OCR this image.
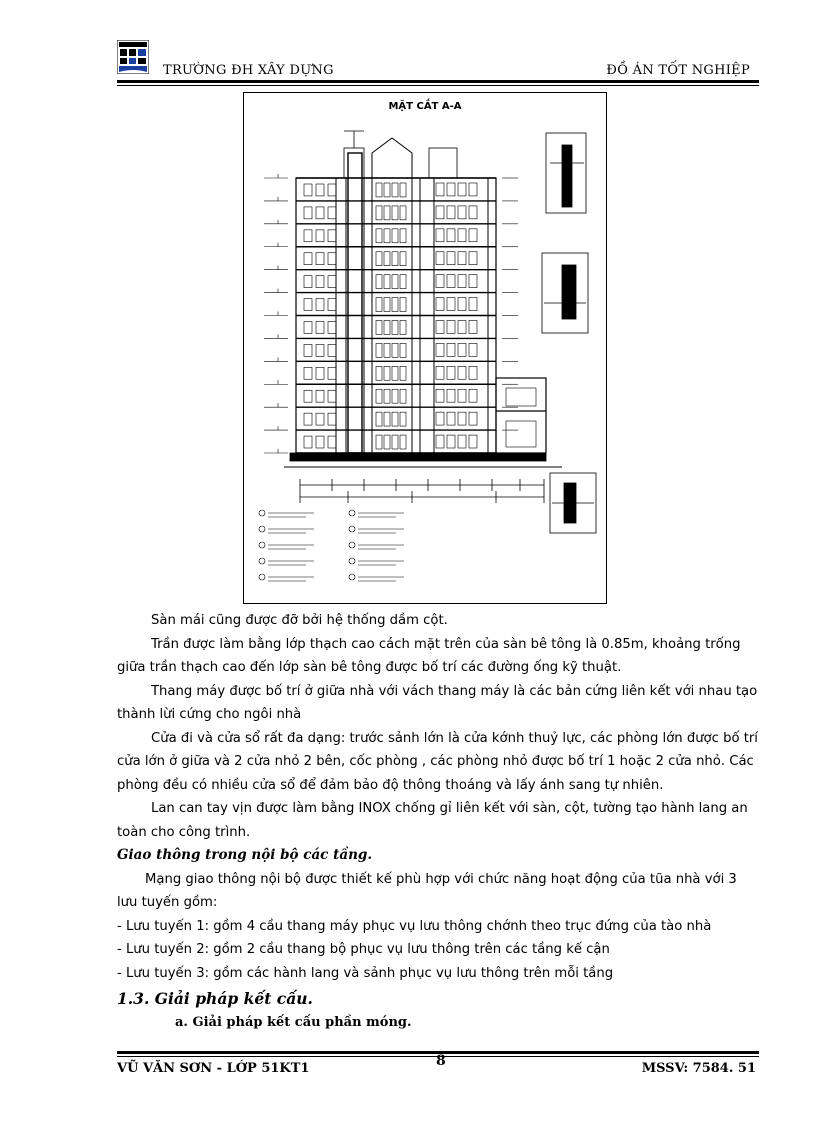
TRƯỜNG ĐH XÂY DỰNG	ĐỒ ÁN TỐT NGHIỆP
MẶT CẮT A-A

Sàn mái cũng được đỡ bởi hệ thống dầm cột.

Trần được làm bằng lớp thạch cao cách mặt trên của sàn bê tông là 0.85m, khoảng trống giữa trần thạch cao đến lớp sàn bê tông được bố trí các đường ống kỹ thuật.

Thang máy được bố trí ở giữa nhà với vách thang máy là các bản cứng liên kết với nhau tạo thành lừi cứng cho ngôi nhà

Cửa đi và cửa sổ rất đa dạng: trước sảnh lớn là cửa kớnh thuỷ lực, các phòng lớn được bố trí cửa lớn ở giữa và 2 cửa nhỏ 2 bên, cốc phòng , các phòng nhỏ được bố trí 1 hoặc 2 cửa nhỏ. Các phòng đều có nhiều cửa sổ để đảm bảo độ thông thoáng và lấy ánh sang tự nhiên.

Lan can tay vịn được làm bằng INOX chống gỉ liên kết với sàn, cột, tường tạo hành lang an toàn cho công trình.

Giao thông trong nội bộ các tầng.

Mạng giao thông nội bộ được thiết kế phù hợp với chức năng hoạt động của tũa nhà với 3 lưu tuyến gồm:

- Lưu tuyến 1: gồm 4 cầu thang máy phục vụ lưu thông chớnh theo trục đứng của tào nhà

- Lưu tuyến 2: gồm 2 cầu thang bộ phục vụ lưu thông trên các tầng kế cận

- Lưu tuyến 3: gồm các hành lang và sảnh phục vụ lưu thông trên mỗi tầng

1.3. Giải pháp kết cấu.

a. Giải pháp kết cấu phần móng.

VŨ VĂN SƠN - LỚP 51KT1	8	MSSV: 7584. 51
